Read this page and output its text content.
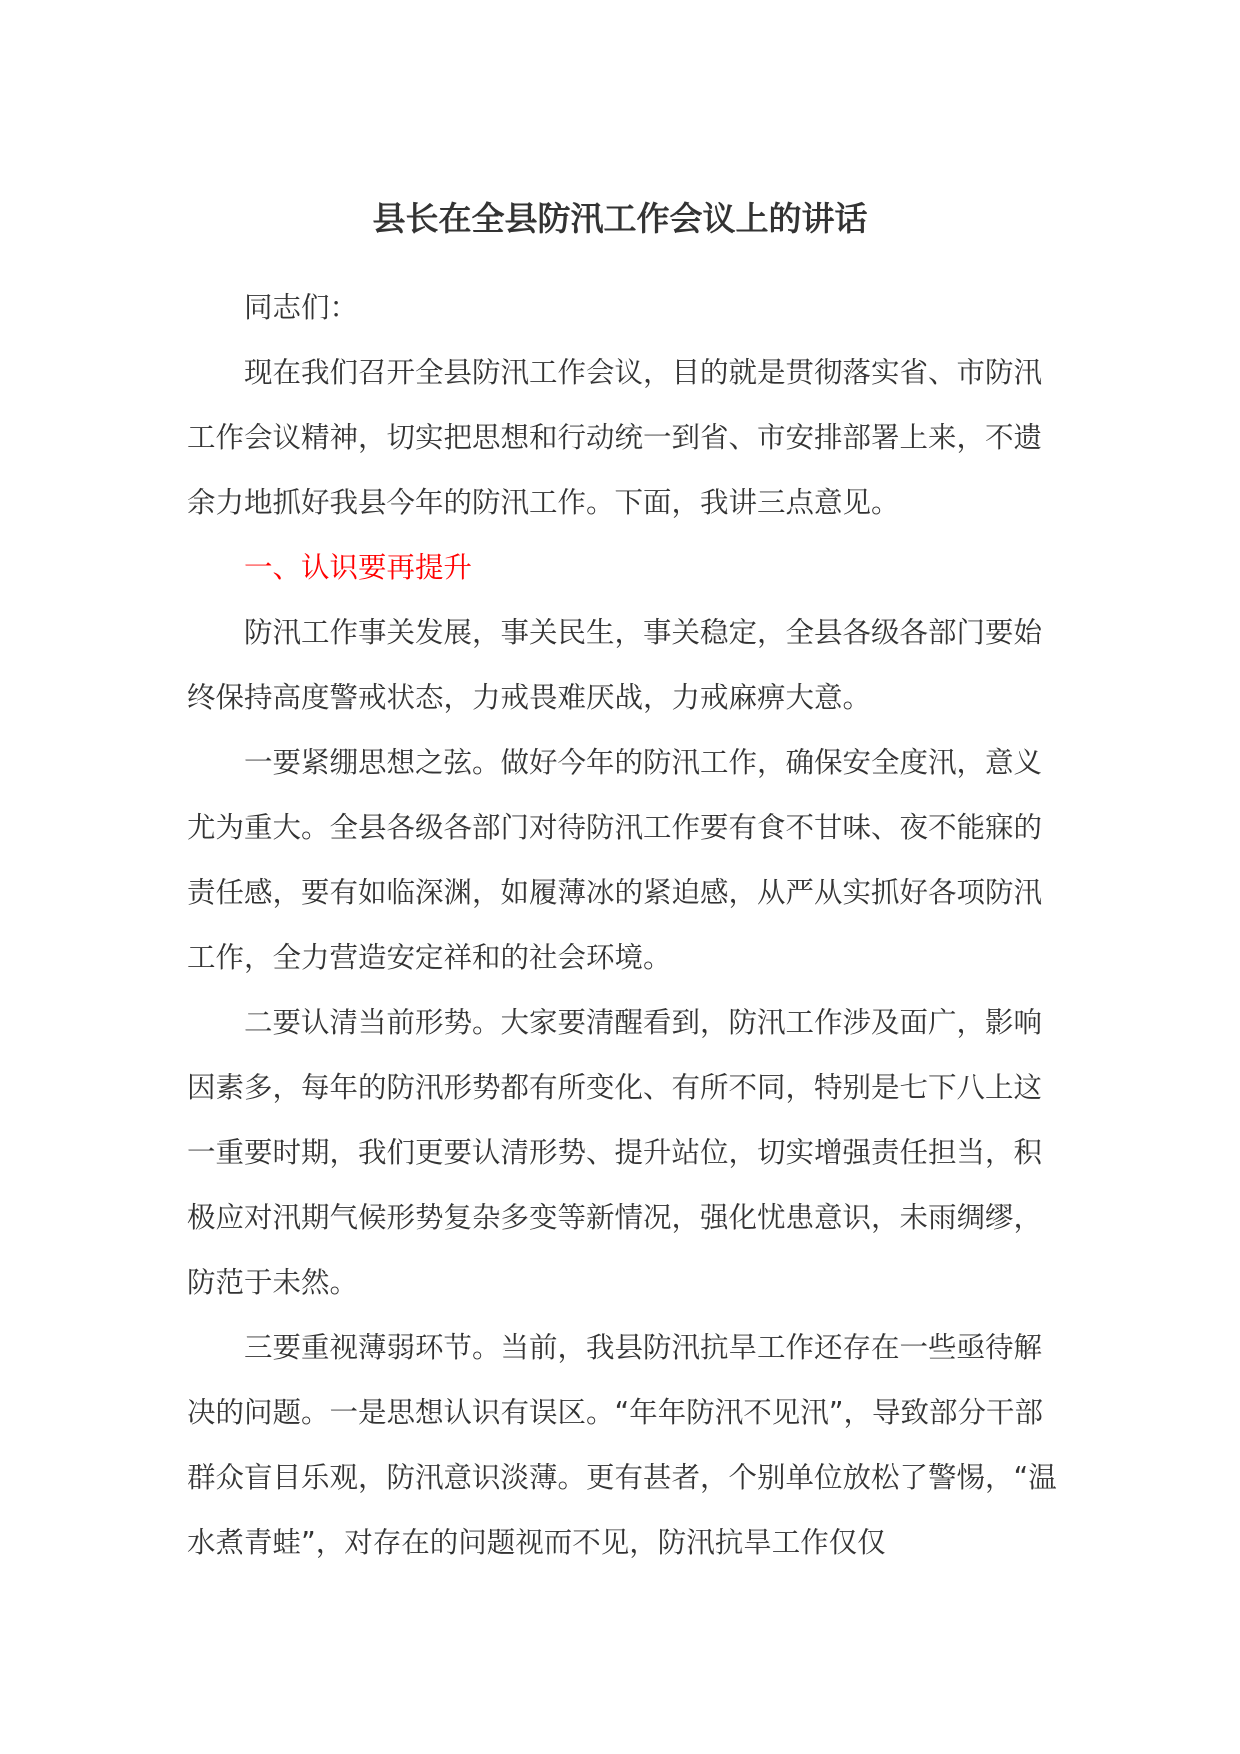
县长在全县防汛工作会议上的讲话

同志们：

现在我们召开全县防汛工作会议，目的就是贯彻落实省、市防汛工作会议精神，切实把思想和行动统一到省、市安排部署上来，不遗余力地抓好我县今年的防汛工作。下面，我讲三点意见。

一、认识要再提升

防汛工作事关发展，事关民生，事关稳定，全县各级各部门要始终保持高度警戒状态，力戒畏难厌战，力戒麻痹大意。

一要紧绷思想之弦。做好今年的防汛工作，确保安全度汛，意义尤为重大。全县各级各部门对待防汛工作要有食不甘味、夜不能寐的责任感，要有如临深渊，如履薄冰的紧迫感，从严从实抓好各项防汛工作，全力营造安定祥和的社会环境。

二要认清当前形势。大家要清醒看到，防汛工作涉及面广，影响因素多，每年的防汛形势都有所变化、有所不同，特别是七下八上这一重要时期，我们更要认清形势、提升站位，切实增强责任担当，积极应对汛期气候形势复杂多变等新情况，强化忧患意识，未雨绸缪，防范于未然。

三要重视薄弱环节。当前，我县防汛抗旱工作还存在一些亟待解决的问题。一是思想认识有误区。“年年防汛不见汛”，导致部分干部群众盲目乐观，防汛意识淡薄。更有甚者，个别单位放松了警惕，“温水煮青蛙”，对存在的问题视而不见，防汛抗旱工作仅仅
